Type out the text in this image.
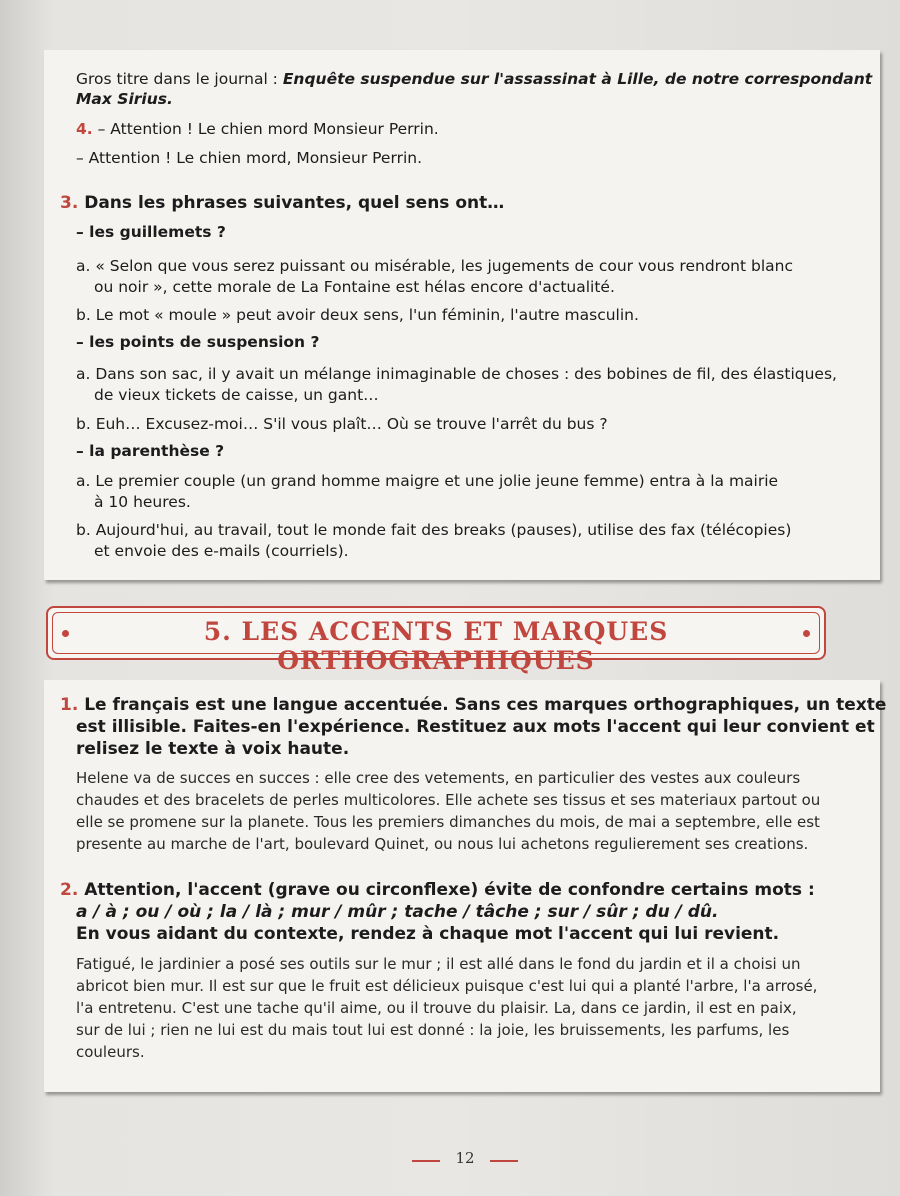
Gros titre dans le journal : Enquête suspendue sur l'assassinat à Lille, de notre correspondant
Max Sirius.
4. – Attention ! Le chien mord Monsieur Perrin.
– Attention ! Le chien mord, Monsieur Perrin.
3. Dans les phrases suivantes, quel sens ont…
– les guillemets ?
a. « Selon que vous serez puissant ou misérable, les jugements de cour vous rendront blanc
ou noir », cette morale de La Fontaine est hélas encore d'actualité.
b. Le mot « moule » peut avoir deux sens, l'un féminin, l'autre masculin.
– les points de suspension ?
a. Dans son sac, il y avait un mélange inimaginable de choses : des bobines de fil, des élastiques,
de vieux tickets de caisse, un gant…
b. Euh… Excusez-moi… S'il vous plaît… Où se trouve l'arrêt du bus ?
– la parenthèse ?
a. Le premier couple (un grand homme maigre et une jolie jeune femme) entra à la mairie
à 10 heures.
b. Aujourd'hui, au travail, tout le monde fait des breaks (pauses), utilise des fax (télécopies)
et envoie des e-mails (courriels).
5. LES ACCENTS ET MARQUES ORTHOGRAPHIQUES
1. Le français est une langue accentuée. Sans ces marques orthographiques, un texte
est illisible. Faites-en l'expérience. Restituez aux mots l'accent qui leur convient et
relisez le texte à voix haute.
Helene va de succes en succes : elle cree des vetements, en particulier des vestes aux couleurs
chaudes et des bracelets de perles multicolores. Elle achete ses tissus et ses materiaux partout ou
elle se promene sur la planete. Tous les premiers dimanches du mois, de mai a septembre, elle est
presente au marche de l'art, boulevard Quinet, ou nous lui achetons regulierement ses creations.
2. Attention, l'accent (grave ou circonflexe) évite de confondre certains mots :
a / à ; ou / où ; la / là ; mur / mûr ; tache / tâche ; sur / sûr ; du / dû.
En vous aidant du contexte, rendez à chaque mot l'accent qui lui revient.
Fatigué, le jardinier a posé ses outils sur le mur ; il est allé dans le fond du jardin et il a choisi un
abricot bien mur. Il est sur que le fruit est délicieux puisque c'est lui qui a planté l'arbre, l'a arrosé,
l'a entretenu. C'est une tache qu'il aime, ou il trouve du plaisir. La, dans ce jardin, il est en paix,
sur de lui ; rien ne lui est du mais tout lui est donné : la joie, les bruissements, les parfums, les
couleurs.
12
